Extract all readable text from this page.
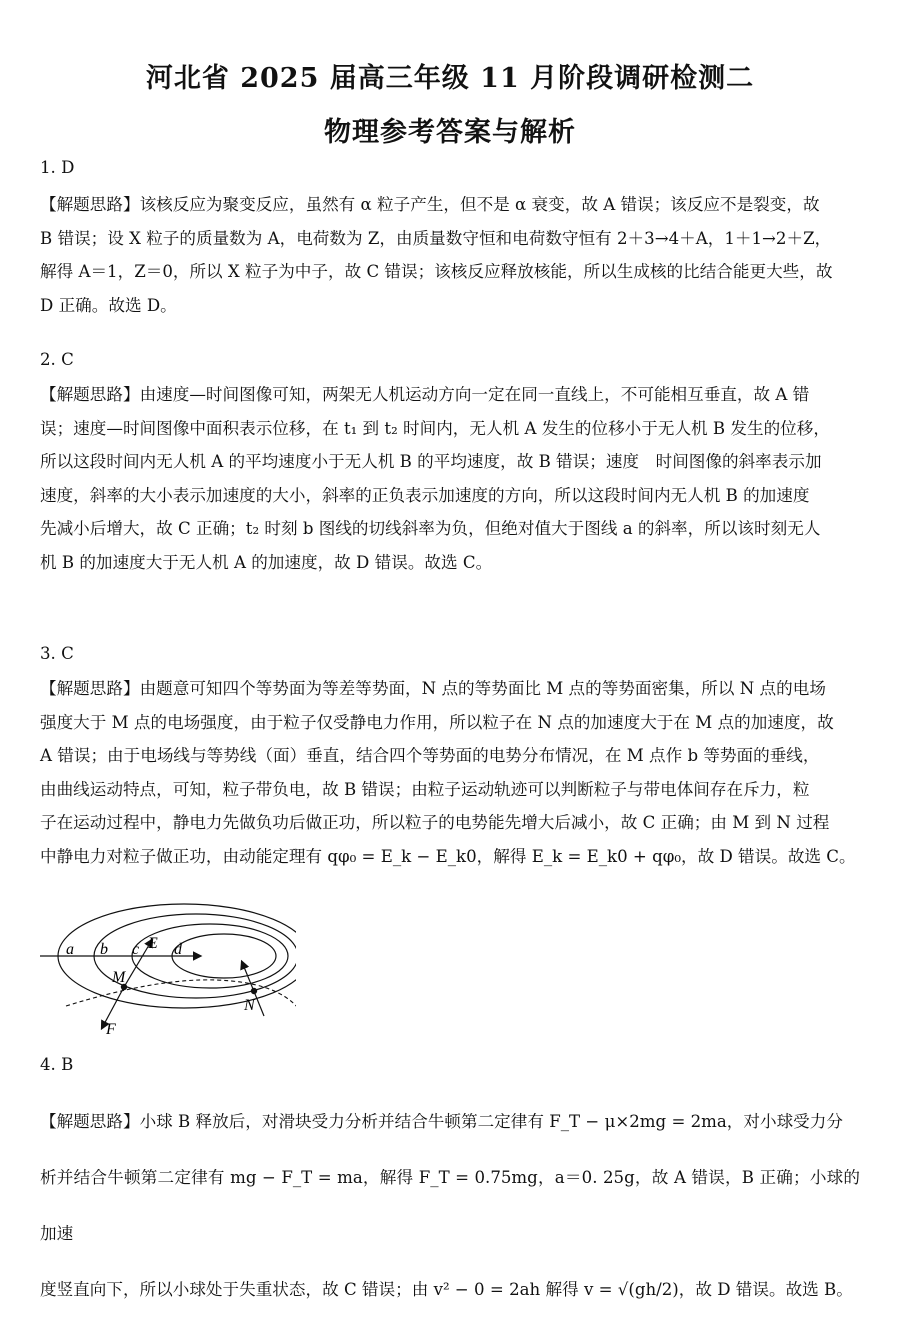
河北省 2025 届高三年级 11 月阶段调研检测二
物理参考答案与解析
1. D
【解题思路】该核反应为聚变反应，虽然有 α 粒子产生，但不是 α 衰变，故 A 错误；该反应不是裂变，故
B 错误；设 X 粒子的质量数为 A，电荷数为 Z，由质量数守恒和电荷数守恒有 2＋3→4＋A，1＋1→2＋Z，
解得 A＝1，Z＝0，所以 X 粒子为中子，故 C 错误；该核反应释放核能，所以生成核的比结合能更大些，故
D 正确。故选 D。
2. C
【解题思路】由速度—时间图像可知，两架无人机运动方向一定在同一直线上，不可能相互垂直，故 A 错
误；速度—时间图像中面积表示位移，在 t₁ 到 t₂ 时间内，无人机 A 发生的位移小于无人机 B 发生的位移，
所以这段时间内无人机 A 的平均速度小于无人机 B 的平均速度，故 B 错误；速度　时间图像的斜率表示加
速度，斜率的大小表示加速度的大小，斜率的正负表示加速度的方向，所以这段时间内无人机 B 的加速度
先减小后增大，故 C 正确；t₂ 时刻 b 图线的切线斜率为负，但绝对值大于图线 a 的斜率，所以该时刻无人
机 B 的加速度大于无人机 A 的加速度，故 D 错误。故选 C。
3. C
【解题思路】由题意可知四个等势面为等差等势面，N 点的等势面比 M 点的等势面密集，所以 N 点的电场
强度大于 M 点的电场强度，由于粒子仅受静电力作用，所以粒子在 N 点的加速度大于在 M 点的加速度，故
A 错误；由于电场线与等势线（面）垂直，结合四个等势面的电势分布情况，在 M 点作 b 等势面的垂线，
由曲线运动特点，可知，粒子带负电，故 B 错误；由粒子运动轨迹可以判断粒子与带电体间存在斥力，粒
子在运动过程中，静电力先做负功后做正功，所以粒子的电势能先增大后减小，故 C 正确；由 M 到 N 过程
中静电力对粒子做正功，由动能定理有 qφ₀ = E_k − E_k0，解得 E_k = E_k0 + qφ₀，故 D 错误。故选 C。
a b c d
E
M
N
F
4. B
【解题思路】小球 B 释放后，对滑块受力分析并结合牛顿第二定律有 F_T − μ×2mg = 2ma，对小球受力分
析并结合牛顿第二定律有 mg − F_T = ma，解得 F_T = 0.75mg，a＝0. 25g，故 A 错误，B 正确；小球的加速
度竖直向下，所以小球处于失重状态，故 C 错误；由 v² − 0 = 2ah 解得 v = √(gh/2)，故 D 错误。故选 B。
